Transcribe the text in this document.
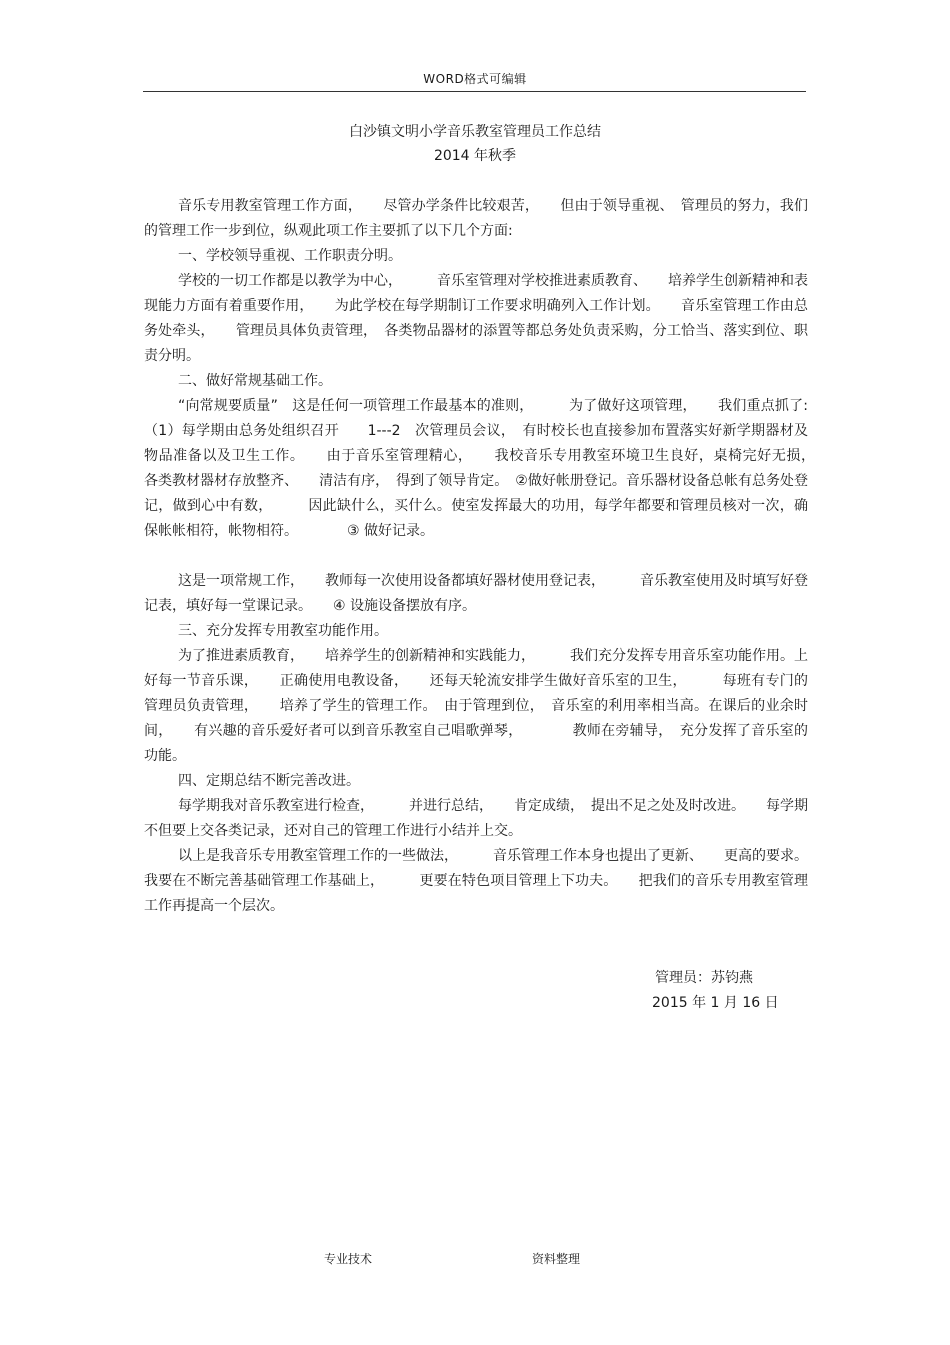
WORD格式可编辑
白沙镇文明小学音乐教室管理员工作总结
2014 年秋季

音乐专用教室管理工作方面，　　尽管办学条件比较艰苦，　　但由于领导重视、　管理员的努力，我们的管理工作一步到位，纵观此项工作主要抓了以下几个方面:

一、学校领导重视、工作职责分明。

学校的一切工作都是以教学为中心，　　　音乐室管理对学校推进素质教育、　　培养学生创新精神和表现能力方面有着重要作用，　　为此学校在每学期制订工作要求明确列入工作计划。　　音乐室管理工作由总务处牵头，　　管理员具体负责管理，　各类物品器材的添置等都总务处负责采购，分工恰当、落实到位、职责分明。

二、做好常规基础工作。

“向常规要质量”　这是任何一项管理工作最基本的准则，　　　为了做好这项管理，　　我们重点抓了:（1）每学期由总务处组织召开　　1---2　次管理员会议，　有时校长也直接参加布置落实好新学期器材及物品准备以及卫生工作。　　由于音乐室管理精心，　　我校音乐专用教室环境卫生良好，桌椅完好无损，　各类教材器材存放整齐、　　清洁有序，　得到了领导肯定。　②做好帐册登记。音乐器材设备总帐有总务处登记，做到心中有数，　　　因此缺什么，买什么。使室发挥最大的功用，每学年都要和管理员核对一次，确保帐帐相符，帐物相符。　　　　③ 做好记录。

这是一项常规工作，　　教师每一次使用设备都填好器材使用登记表，　　　音乐教室使用及时填写好登记表，填好每一堂课记录。　　④ 设施设备摆放有序。

三、充分发挥专用教室功能作用。

为了推进素质教育，　　培养学生的创新精神和实践能力，　　　我们充分发挥专用音乐室功能作用。上好每一节音乐课，　　正确使用电教设备，　　还每天轮流安排学生做好音乐室的卫生，　　　每班有专门的管理员负责管理，　　培养了学生的管理工作。　由于管理到位，　音乐室的利用率相当高。在课后的业余时间，　　有兴趣的音乐爱好者可以到音乐教室自己唱歌弹琴，　　　　教师在旁辅导，　充分发挥了音乐室的功能。

四、定期总结不断完善改进。

每学期我对音乐教室进行检查，　　　并进行总结，　　肯定成绩，　提出不足之处及时改进。　　每学期不但要上交各类记录，还对自己的管理工作进行小结并上交。

以上是我音乐专用教室管理工作的一些做法，　　　音乐管理工作本身也提出了更新、　　更高的要求。我要在不断完善基础管理工作基础上，　　　更要在特色项目管理上下功夫。　　把我们的音乐专用教室管理工作再提高一个层次。

管理员：苏钧燕
2015 年 1 月 16 日
专业技术	资料整理
